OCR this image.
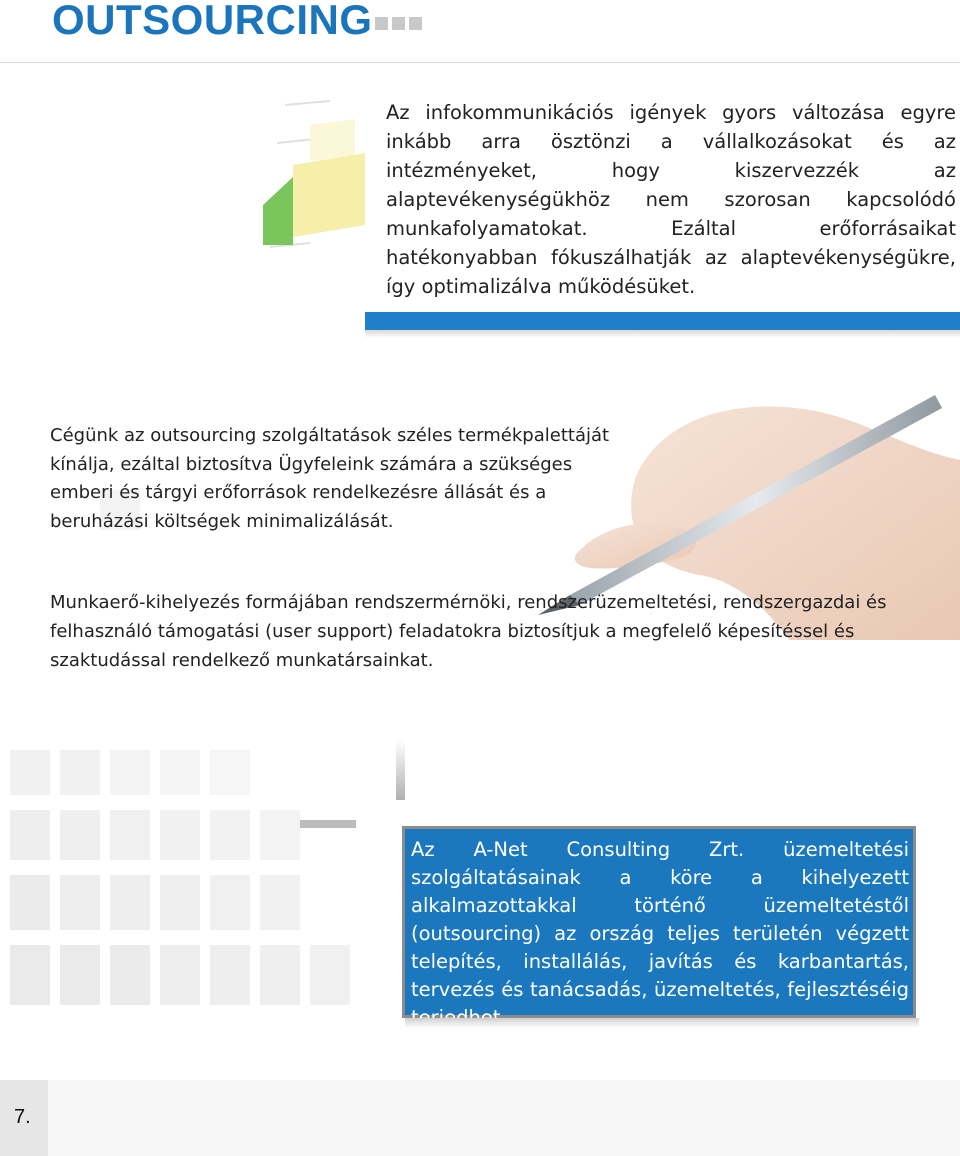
OUTSOURCING

Az infokommunikációs igények gyors változása egyre inkább arra ösztönzi a vállalkozásokat és az intézményeket, hogy kiszervezzék az alaptevékenységükhöz nem szorosan kapcsolódó munkafolyamatokat. Ezáltal erőforrásaikat hatékonyabban fókuszálhatják az alaptevékenységükre, így optimalizálva működésüket.

Cégünk az outsourcing szolgáltatások széles termékpalettáját kínálja, ezáltal biztosítva Ügyfeleink számára a szükséges emberi és tárgyi erőforrások rendelkezésre állását és a beruházási költségek minimalizálását.

Munkaerő-kihelyezés formájában rendszermérnöki, rendszerüzemeltetési, rendszergazdai és felhasználó támogatási (user support) feladatokra biztosítjuk a megfelelő képesítéssel és szaktudással rendelkező munkatársainkat.

Az A-Net Consulting Zrt. üzemeltetési szolgáltatásainak a köre a kihelyezett alkalmazottakkal történő üzemeltetéstől (outsourcing) az ország teljes területén végzett telepítés, installálás, javítás és karbantartás, tervezés és tanácsadás, üzemeltetés, fejlesztéséig

7.
